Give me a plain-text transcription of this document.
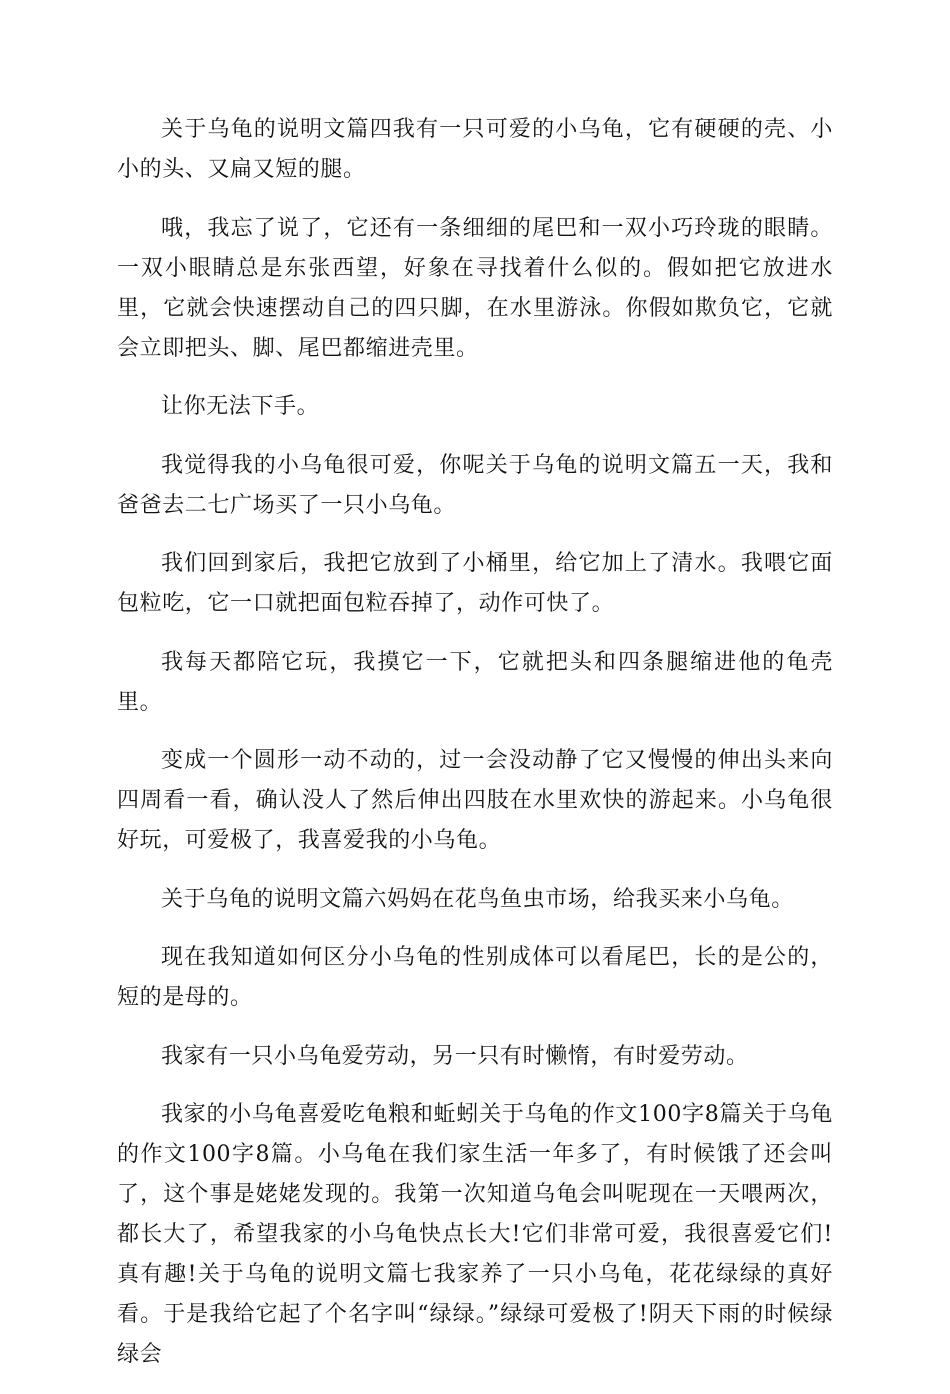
关于乌龟的说明文篇四我有一只可爱的小乌龟，它有硬硬的壳、小小的头、又扁又短的腿。

哦，我忘了说了，它还有一条细细的尾巴和一双小巧玲珑的眼睛。一双小眼睛总是东张西望，好象在寻找着什么似的。假如把它放进水里，它就会快速摆动自己的四只脚，在水里游泳。你假如欺负它，它就会立即把头、脚、尾巴都缩进壳里。

让你无法下手。

我觉得我的小乌龟很可爱，你呢关于乌龟的说明文篇五一天，我和爸爸去二七广场买了一只小乌龟。

我们回到家后，我把它放到了小桶里，给它加上了清水。我喂它面包粒吃，它一口就把面包粒吞掉了，动作可快了。

我每天都陪它玩，我摸它一下，它就把头和四条腿缩进他的龟壳里。

变成一个圆形一动不动的，过一会没动静了它又慢慢的伸出头来向四周看一看，确认没人了然后伸出四肢在水里欢快的游起来。小乌龟很好玩，可爱极了，我喜爱我的小乌龟。

关于乌龟的说明文篇六妈妈在花鸟鱼虫市场，给我买来小乌龟。

现在我知道如何区分小乌龟的性别成体可以看尾巴，长的是公的，短的是母的。

我家有一只小乌龟爱劳动，另一只有时懒惰，有时爱劳动。

我家的小乌龟喜爱吃龟粮和蚯蚓关于乌龟的作文100字8篇关于乌龟的作文100字8篇。小乌龟在我们家生活一年多了，有时候饿了还会叫了，这个事是姥姥发现的。我第一次知道乌龟会叫呢现在一天喂两次，都长大了，希望我家的小乌龟快点长大!它们非常可爱，我很喜爱它们!真有趣!关于乌龟的说明文篇七我家养了一只小乌龟，花花绿绿的真好看。于是我给它起了个名字叫“绿绿。”绿绿可爱极了!阴天下雨的时候绿绿会
